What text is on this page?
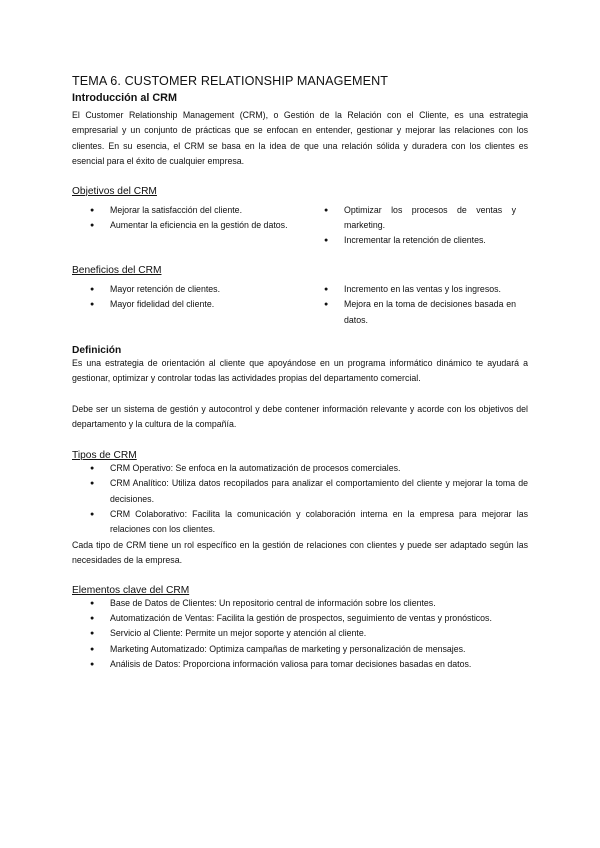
TEMA 6. CUSTOMER RELATIONSHIP MANAGEMENT
Introducción al CRM

El Customer Relationship Management (CRM), o Gestión de la Relación con el Cliente, es una estrategia empresarial y un conjunto de prácticas que se enfocan en entender, gestionar y mejorar las relaciones con los clientes. En su esencia, el CRM se basa en la idea de que una relación sólida y duradera con los clientes es esencial para el éxito de cualquier empresa.

Objetivos del CRM
●	Mejorar la satisfacción del cliente.
●	Aumentar la eficiencia en la gestión de datos.
●	Optimizar los procesos de ventas y marketing.
●	Incrementar la retención de clientes.
Beneficios del CRM
●	Mayor retención de clientes.
●	Mayor fidelidad del cliente.
●	Incremento en las ventas y los ingresos.
●	Mejora en la toma de decisiones basada en datos.
Definición

Es una estrategia de orientación al cliente que apoyándose en un programa informático dinámico te ayudará a gestionar, optimizar y controlar todas las actividades propias del departamento comercial.

Debe ser un sistema de gestión y autocontrol y debe contener información relevante y acorde con los objetivos del departamento y la cultura de la compañía.

Tipos de CRM
●	CRM Operativo: Se enfoca en la automatización de procesos comerciales.
●	CRM Analítico: Utiliza datos recopilados para analizar el comportamiento del cliente y mejorar la toma de decisiones.
●	CRM Colaborativo: Facilita la comunicación y colaboración interna en la empresa para mejorar las relaciones con los clientes.

Cada tipo de CRM tiene un rol específico en la gestión de relaciones con clientes y puede ser adaptado según las necesidades de la empresa.

Elementos clave del CRM
●	Base de Datos de Clientes: Un repositorio central de información sobre los clientes.
●	Automatización de Ventas: Facilita la gestión de prospectos, seguimiento de ventas y pronósticos.
●	Servicio al Cliente: Permite un mejor soporte y atención al cliente.
●	Marketing Automatizado: Optimiza campañas de marketing y personalización de mensajes.
●	Análisis de Datos: Proporciona información valiosa para tomar decisiones basadas en datos.
